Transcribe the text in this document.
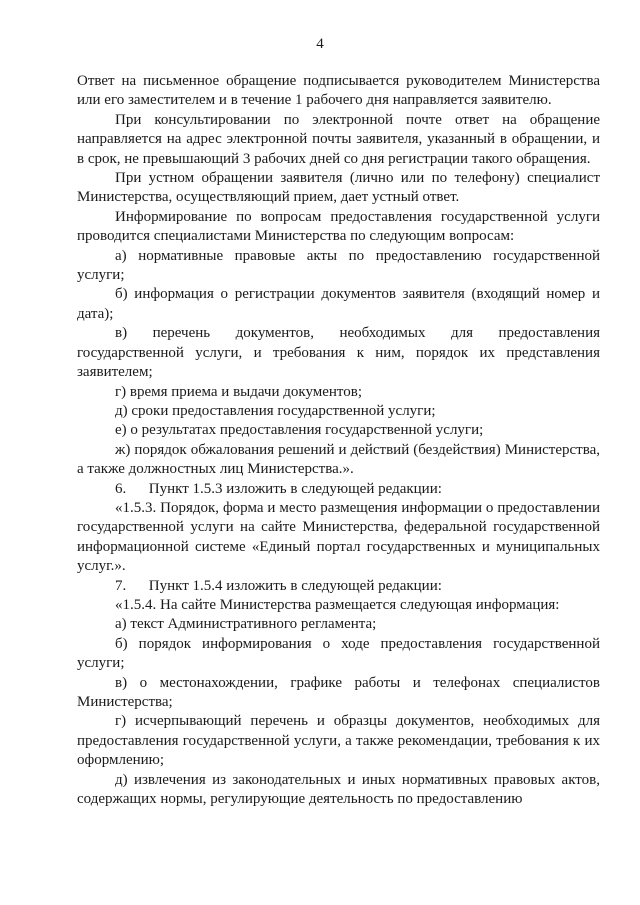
4

Ответ на письменное обращение подписывается руководителем Министерства или его заместителем и в течение 1 рабочего дня направляется заявителю.

При консультировании по электронной почте ответ на обращение направляется на адрес электронной почты заявителя, указанный в обращении, и в срок, не превышающий 3 рабочих дней со дня регистрации такого обращения.

При устном обращении заявителя (лично или по телефону) специалист Министерства, осуществляющий прием, дает устный ответ.

Информирование по вопросам предоставления государственной услуги проводится специалистами Министерства по следующим вопросам:

а) нормативные правовые акты по предоставлению государственной услуги;

б) информация о регистрации документов заявителя (входящий номер и дата);

в) перечень документов, необходимых для предоставления государственной услуги, и требования к ним, порядок их представления заявителем;

г) время приема и выдачи документов;

д) сроки предоставления государственной услуги;

е) о результатах предоставления государственной услуги;

ж) порядок обжалования решений и действий (бездействия) Министерства, а также должностных лиц Министерства.».

6.      Пункт 1.5.3 изложить в следующей редакции:

«1.5.3. Порядок, форма и место размещения информации о предоставлении государственной услуги на сайте Министерства, федеральной государственной информационной системе «Единый портал государственных и муниципальных услуг.».

7.      Пункт 1.5.4 изложить в следующей редакции:

«1.5.4. На сайте Министерства размещается следующая информация:

а) текст Административного регламента;

б) порядок информирования о ходе предоставления государственной услуги;

в) о местонахождении, графике работы и телефонах специалистов Министерства;

г) исчерпывающий перечень и образцы документов, необходимых для предоставления государственной услуги, а также рекомендации, требования к их оформлению;

д) извлечения из законодательных и иных нормативных правовых актов, содержащих нормы, регулирующие деятельность по предоставлению
